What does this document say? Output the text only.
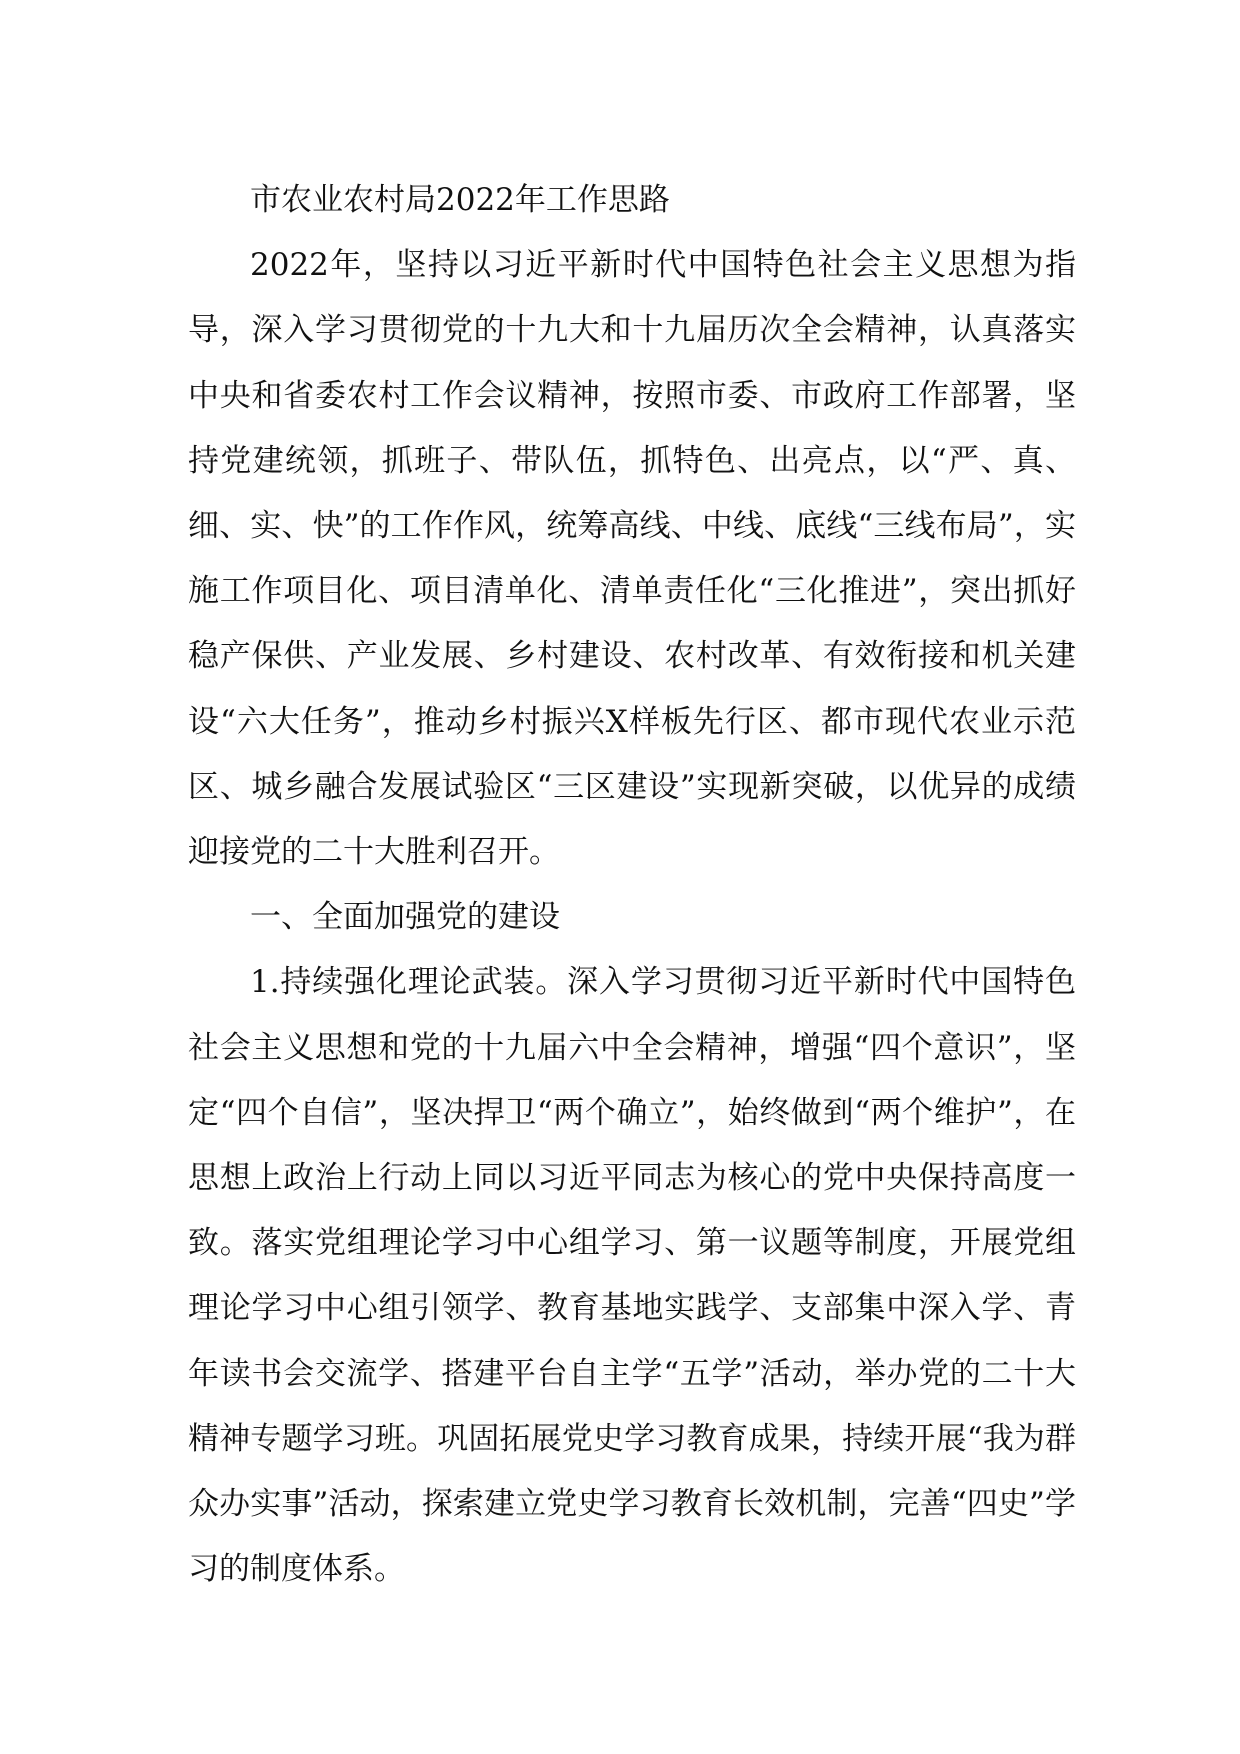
市农业农村局2022年工作思路

2022年，坚持以习近平新时代中国特色社会主义思想为指导，深入学习贯彻党的十九大和十九届历次全会精神，认真落实中央和省委农村工作会议精神，按照市委、市政府工作部署，坚持党建统领，抓班子、带队伍，抓特色、出亮点，以“严、真、细、实、快”的工作作风，统筹高线、中线、底线“三线布局”，实施工作项目化、项目清单化、清单责任化“三化推进”，突出抓好稳产保供、产业发展、乡村建设、农村改革、有效衔接和机关建设“六大任务”，推动乡村振兴X样板先行区、都市现代农业示范区、城乡融合发展试验区“三区建设”实现新突破，以优异的成绩迎接党的二十大胜利召开。

一、全面加强党的建设

1.持续强化理论武装。深入学习贯彻习近平新时代中国特色社会主义思想和党的十九届六中全会精神，增强“四个意识”，坚定“四个自信”，坚决捍卫“两个确立”，始终做到“两个维护”，在思想上政治上行动上同以习近平同志为核心的党中央保持高度一致。落实党组理论学习中心组学习、第一议题等制度，开展党组理论学习中心组引领学、教育基地实践学、支部集中深入学、青年读书会交流学、搭建平台自主学“五学”活动，举办党的二十大精神专题学习班。巩固拓展党史学习教育成果，持续开展“我为群众办实事”活动，探索建立党史学习教育长效机制，完善“四史”学习的制度体系。
